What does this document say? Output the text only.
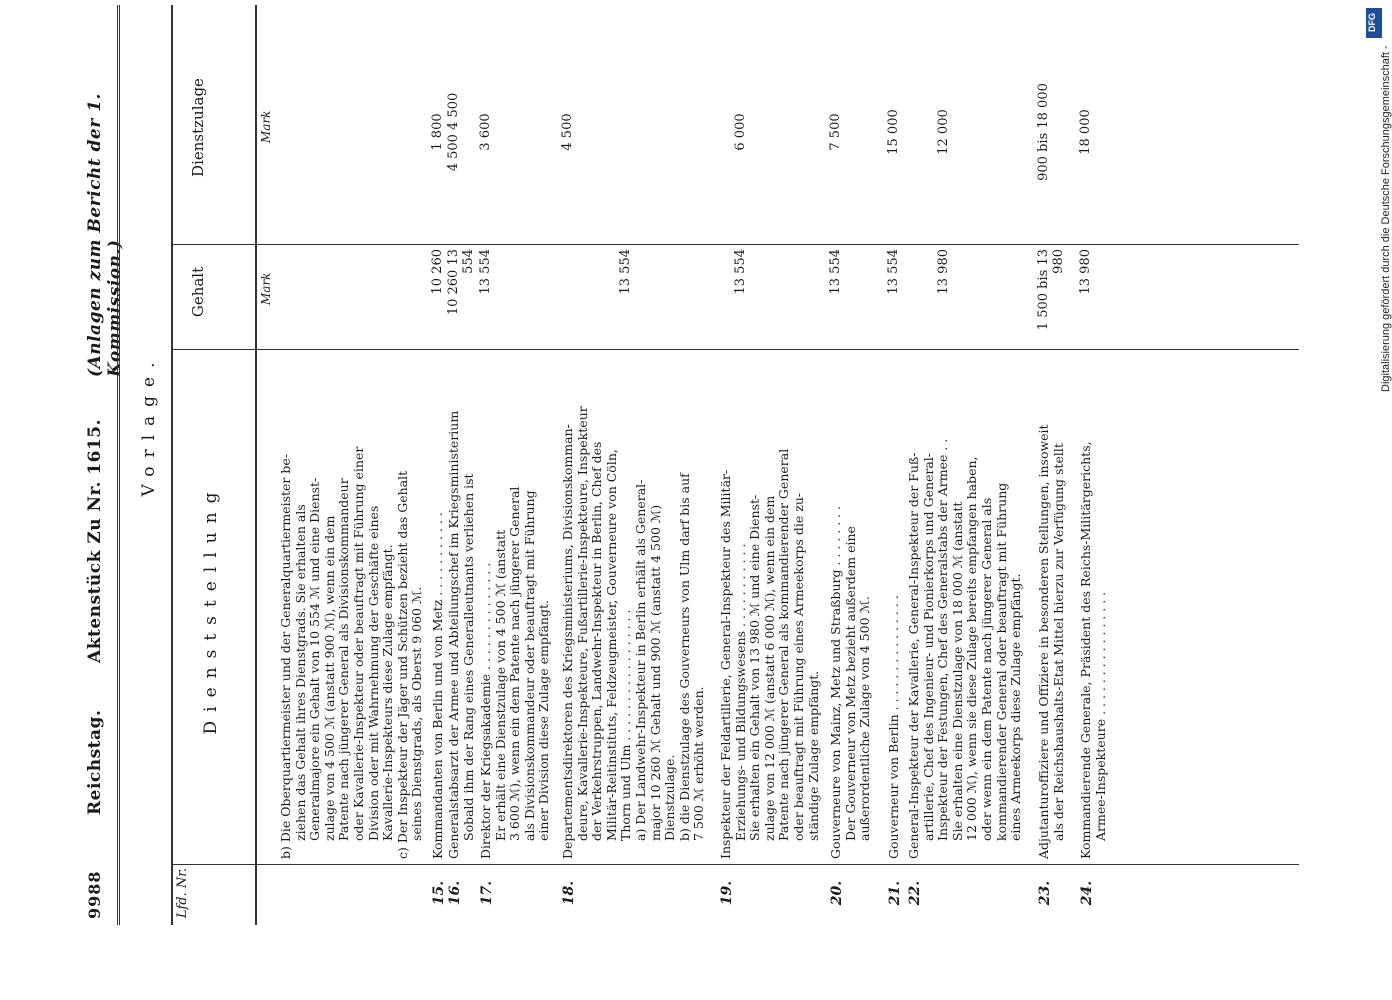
9988
Reichstag.
Aktenstück Zu Nr. 1615.
(Anlagen zum Bericht der 1. Kommission.)
Vorlage.
Lfd. Nr.
Dienststellung
Gehalt
Dienstzulage
Mark
Mark
b) Die Oberquartiermeister und der Generalquartiermeister be- ziehen das Gehalt ihres Dienstgrads. Sie erhalten als Generalmajore ein Gehalt von 10 554 ℳ und eine Dienst- zulage von 4 500 ℳ (anstatt 900 ℳ), wenn ein dem Patente nach jüngerer General als Divisionskommandeur oder Kavallerie-Inspekteur oder beauftragt mit Führung einer Division oder mit Wahrnehmung der Geschäfte eines Kavallerie-Inspekteurs diese Zulage empfängt. c) Der Inspekteur der Jäger und Schützen bezieht das Gehalt seines Dienstgrads, als Oberst 9 060 ℳ.
15.
Kommandanten von Berlin und von Metz . . . . . . . . . . .
10 260
1 800
16.
Generalstabsarzt der Armee und Abteilungschef im Kriegsministerium Sobald ihm der Rang eines Generalleutnants verliehen ist
10 260 13 554
4 500 4 500
17.
Direktor der Kriegsakademie . . . . . . . . . . . . . . Er erhält eine Dienstzulage von 4 500 ℳ (anstatt 3 600 ℳ), wenn ein dem Patente nach jüngerer General als Divisionskommandeur oder beauftragt mit Führung einer Division diese Zulage empfängt.
13 554
3 600
18.
Departementsdirektoren des Kriegsministeriums, Divisionskomman- deure, Kavallerie-Inspekteure, Fußartillerie-Inspekteure, Inspekteur der Verkehrstruppen, Landwehr-Inspekteur in Berlin, Chef des Militär-Reitinstituts, Feldzeugmeister, Gouverneure von Cöln, Thorn und Ulm . . . . . . . . . . . . . . . . . a) Der Landwehr-Inspekteur in Berlin erhält als General- major 10 260 ℳ Gehalt und 900 ℳ (anstatt 4 500 ℳ) Dienstzulage. b) die Dienstzulage des Gouverneurs von Ulm darf bis auf 7 500 ℳ erhöht werden.
13 554
4 500
19.
Inspekteur der Feldartillerie, General-Inspekteur des Militär- Erziehungs- und Bildungswesens . . . . . . . . . . . Sie erhalten ein Gehalt von 13 980 ℳ und eine Dienst- zulage von 12 000 ℳ (anstatt 6 000 ℳ), wenn ein dem Patente nach jüngerer General als kommandierender General oder beauftragt mit Führung eines Armeekorps die zu- ständige Zulage empfängt.
13 554
6 000
20.
Gouverneure von Mainz, Metz und Straßburg . . . . . . . . Der Gouverneur von Metz bezieht außerdem eine außerordentliche Zulage von 4 500 ℳ.
13 554
7 500
21.
Gouverneur von Berlin . . . . . . . . . . . . . . .
13 554
15 000
22.
General-Inspekteur der Kavallerie, General-Inspekteur der Fuß- artillerie, Chef des Ingenieur- und Pionierkorps und General- Inspekteur der Festungen, Chef des Generalstabs der Armee . . Sie erhalten eine Dienstzulage von 18 000 ℳ (anstatt 12 000 ℳ), wenn sie diese Zulage bereits empfangen haben, oder wenn ein dem Patente nach jüngerer General als kommandierender General oder beauftragt mit Führung eines Armeekorps diese Zulage empfängt.
13 980
12 000
23.
Adjutanturoffiziere und Offiziere in besonderen Stellungen, insoweit als der Reichshaushalts-Etat Mittel hierzu zur Verfügung stellt
1 500 bis 13 980
900 bis 18 000
24.
Kommandierende Generale, Präsident des Reichs-Militärgerichts, Armee-Inspekteure . . . . . . . . . . . . . . . .
13 980
18 000
DFG
Digitalisierung gefördert durch die Deutsche Forschungsgemeinschaft -
